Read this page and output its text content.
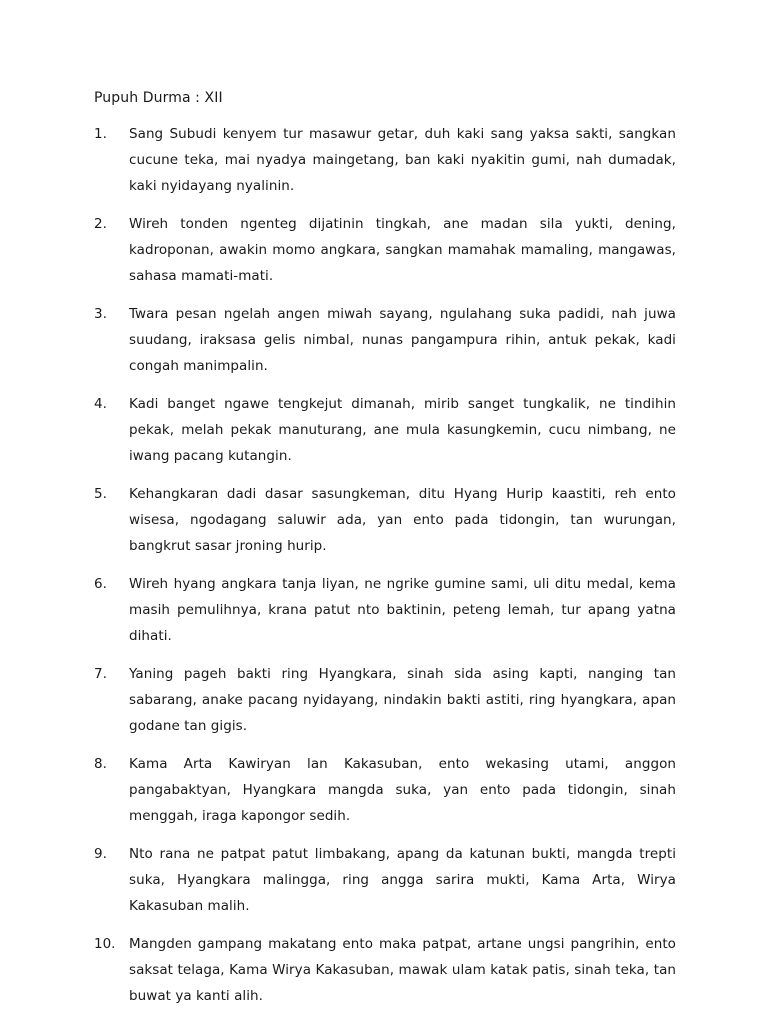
Pupuh Durma : XII
1.	Sang Subudi kenyem tur masawur getar, duh kaki sang yaksa sakti, sangkan cucune teka, mai nyadya maingetang, ban kaki nyakitin gumi, nah dumadak, kaki nyidayang nyalinin.
2.	Wireh tonden ngenteg dijatinin tingkah, ane madan sila yukti, dening, kadroponan, awakin momo angkara, sangkan mamahak mamaling, mangawas, sahasa mamati-mati.
3.	Twara pesan ngelah angen miwah sayang, ngulahang suka padidi, nah juwa suudang, iraksasa gelis nimbal, nunas pangampura rihin, antuk pekak, kadi congah manimpalin.
4.	Kadi banget ngawe tengkejut dimanah, mirib sanget tungkalik, ne tindihin pekak, melah pekak manuturang, ane mula kasungkemin, cucu nimbang, ne iwang pacang kutangin.
5.	Kehangkaran dadi dasar sasungkeman, ditu Hyang Hurip kaastiti, reh ento wisesa, ngodagang saluwir ada, yan ento pada tidongin, tan wurungan, bangkrut sasar jroning hurip.
6.	Wireh hyang angkara tanja liyan, ne ngrike gumine sami, uli ditu medal, kema masih pemulihnya, krana patut nto baktinin, peteng lemah, tur apang yatna dihati.
7.	Yaning pageh bakti ring Hyangkara, sinah sida asing kapti, nanging tan sabarang, anake pacang nyidayang, nindakin bakti astiti, ring hyangkara, apan godane tan gigis.
8.	Kama Arta Kawiryan lan Kakasuban, ento wekasing utami, anggon pangabaktyan, Hyangkara mangda suka, yan ento pada tidongin, sinah menggah, iraga kapongor sedih.
9.	Nto rana ne patpat patut limbakang, apang da katunan bukti, mangda trepti suka, Hyangkara malingga, ring angga sarira mukti, Kama Arta, Wirya Kakasuban malih.
10.	Mangden gampang makatang ento maka patpat, artane ungsi pangrihin, ento saksat telaga, Kama Wirya Kakasuban, mawak ulam katak patis, sinah teka, tan buwat ya kanti alih.
